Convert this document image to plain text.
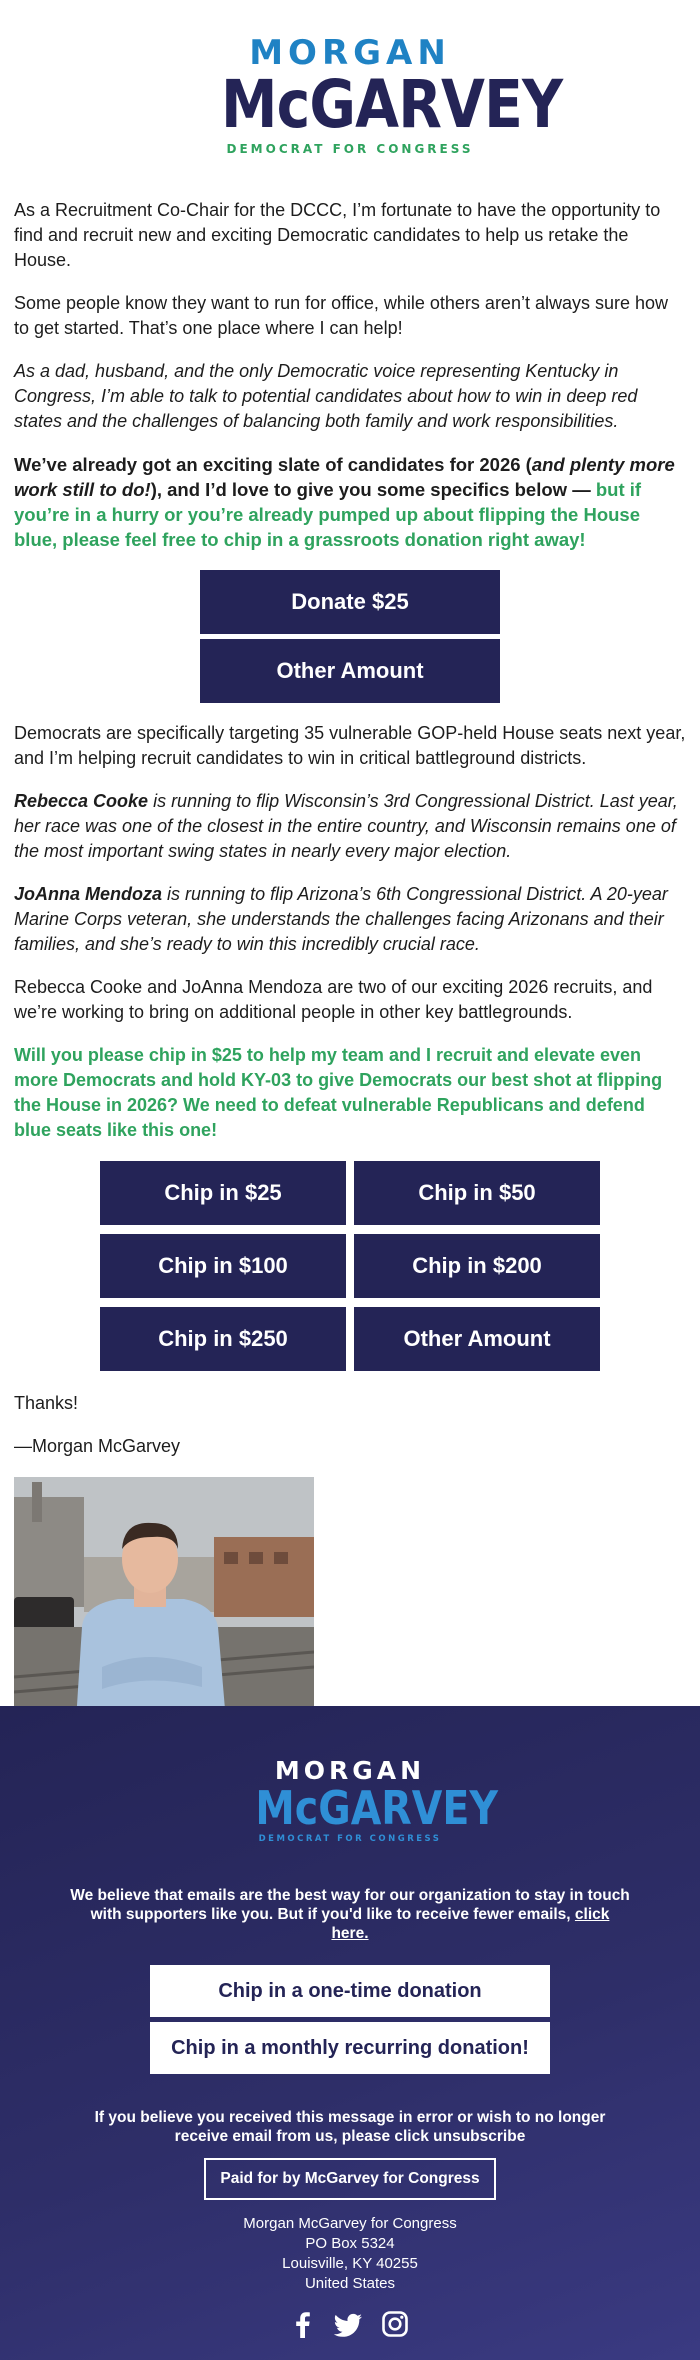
MORGAN
McGARVEY
DEMOCRAT FOR CONGRESS

As a Recruitment Co-Chair for the DCCC, I’m fortunate to have the opportunity to find and recruit new and exciting Democratic candidates to help us retake the House.

Some people know they want to run for office, while others aren’t always sure how to get started. That’s one place where I can help!

As a dad, husband, and the only Democratic voice representing Kentucky in Congress, I’m able to talk to potential candidates about how to win in deep red states and the challenges of balancing both family and work responsibilities.

We’ve already got an exciting slate of candidates for 2026 (and plenty more work still to do!), and I’d love to give you some specifics below — but if you’re in a hurry or you’re already pumped up about flipping the House blue, please feel free to chip in a grassroots donation right away!

Donate $25
Other Amount

Democrats are specifically targeting 35 vulnerable GOP-held House seats next year, and I’m helping recruit candidates to win in critical battleground districts.

Rebecca Cooke is running to flip Wisconsin’s 3rd Congressional District. Last year, her race was one of the closest in the entire country, and Wisconsin remains one of the most important swing states in nearly every major election.

JoAnna Mendoza is running to flip Arizona’s 6th Congressional District. A 20-year Marine Corps veteran, she understands the challenges facing Arizonans and their families, and she’s ready to win this incredibly crucial race.

Rebecca Cooke and JoAnna Mendoza are two of our exciting 2026 recruits, and we’re working to bring on additional people in other key battlegrounds.

Will you please chip in $25 to help my team and I recruit and elevate even more Democrats and hold KY-03 to give Democrats our best shot at flipping the House in 2026? We need to defeat vulnerable Republicans and defend blue seats like this one!

Chip in $25	Chip in $50
Chip in $100	Chip in $200
Chip in $250	Other Amount

Thanks!

—Morgan McGarvey

MORGAN
McGARVEY
DEMOCRAT FOR CONGRESS

We believe that emails are the best way for our organization to stay in touch with supporters like you. But if you'd like to receive fewer emails, click here.

Chip in a one-time donation
Chip in a monthly recurring donation!

If you believe you received this message in error or wish to no longer receive email from us, please click unsubscribe

Paid for by McGarvey for Congress
Morgan McGarvey for Congress
PO Box 5324
Louisville, KY 40255
United States
